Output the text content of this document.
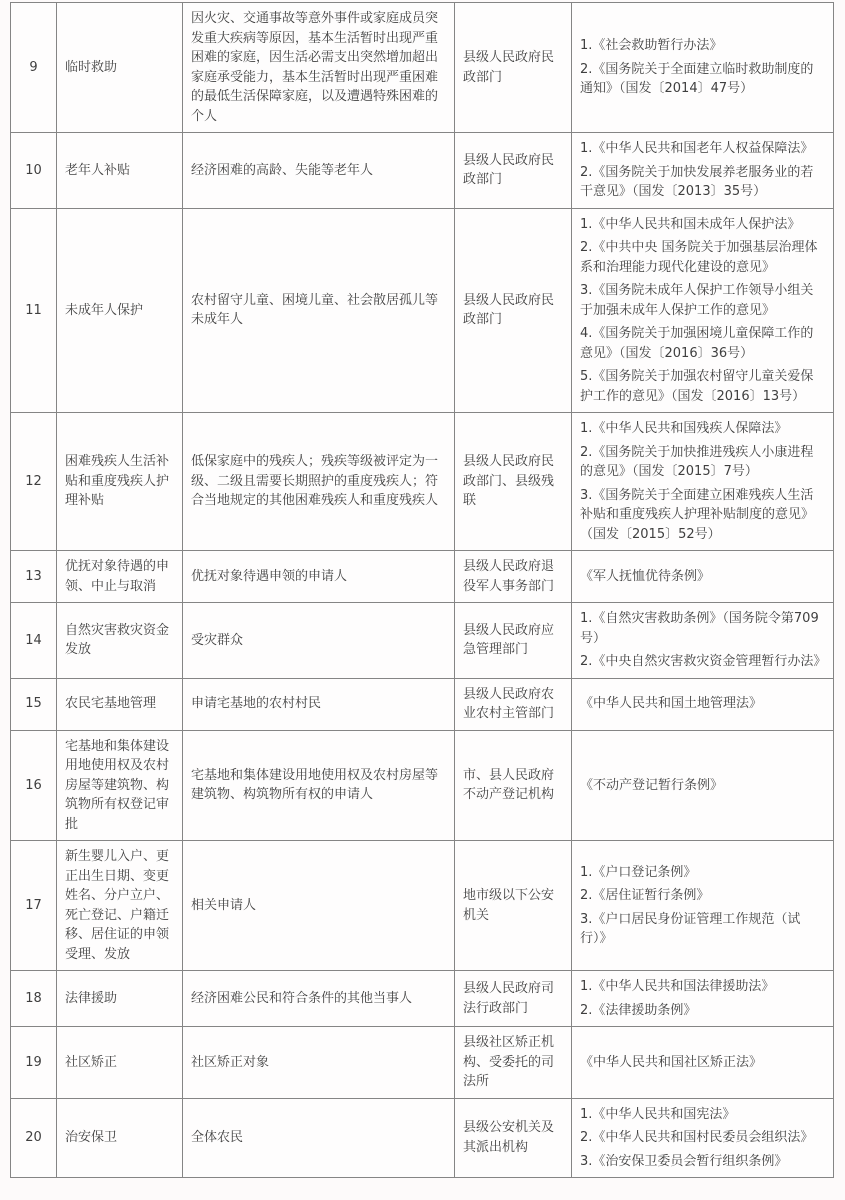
9	临时救助	因火灾、交通事故等意外事件或家庭成员突发重大疾病等原因，基本生活暂时出现严重困难的家庭，因生活必需支出突然增加超出家庭承受能力，基本生活暂时出现严重困难的最低生活保障家庭，以及遭遇特殊困难的个人	县级人民政府民政部门	1.《社会救助暂行办法》
2.《国务院关于全面建立临时救助制度的通知》（国发〔2014〕47号）

10	老年人补贴	经济困难的高龄、失能等老年人	县级人民政府民政部门	1.《中华人民共和国老年人权益保障法》
2.《国务院关于加快发展养老服务业的若干意见》（国发〔2013〕35号）

11	未成年人保护	农村留守儿童、困境儿童、社会散居孤儿等未成年人	县级人民政府民政部门	1.《中华人民共和国未成年人保护法》
2.《中共中央 国务院关于加强基层治理体系和治理能力现代化建设的意见》
3.《国务院未成年人保护工作领导小组关于加强未成年人保护工作的意见》
4.《国务院关于加强困境儿童保障工作的意见》（国发〔2016〕36号）
5.《国务院关于加强农村留守儿童关爱保护工作的意见》（国发〔2016〕13号）

12	困难残疾人生活补贴和重度残疾人护理补贴	低保家庭中的残疾人；残疾等级被评定为一级、二级且需要长期照护的重度残疾人；符合当地规定的其他困难残疾人和重度残疾人	县级人民政府民政部门、县级残联	1.《中华人民共和国残疾人保障法》
2.《国务院关于加快推进残疾人小康进程的意见》（国发〔2015〕7号）
3.《国务院关于全面建立困难残疾人生活补贴和重度残疾人护理补贴制度的意见》（国发〔2015〕52号）

13	优抚对象待遇的申领、中止与取消	优抚对象待遇申领的申请人	县级人民政府退役军人事务部门	《军人抚恤优待条例》

14	自然灾害救灾资金发放	受灾群众	县级人民政府应急管理部门	1.《自然灾害救助条例》（国务院令第709号）
2.《中央自然灾害救灾资金管理暂行办法》

15	农民宅基地管理	申请宅基地的农村村民	县级人民政府农业农村主管部门	《中华人民共和国土地管理法》

16	宅基地和集体建设用地使用权及农村房屋等建筑物、构筑物所有权登记审批	宅基地和集体建设用地使用权及农村房屋等建筑物、构筑物所有权的申请人	市、县人民政府不动产登记机构	《不动产登记暂行条例》

17	新生婴儿入户、更正出生日期、变更姓名、分户立户、死亡登记、户籍迁移、居住证的申领受理、发放	相关申请人	地市级以下公安机关	1.《户口登记条例》
2.《居住证暂行条例》
3.《户口居民身份证管理工作规范（试行）》

18	法律援助	经济困难公民和符合条件的其他当事人	县级人民政府司法行政部门	1.《中华人民共和国法律援助法》
2.《法律援助条例》

19	社区矫正	社区矫正对象	县级社区矫正机构、受委托的司法所	《中华人民共和国社区矫正法》

20	治安保卫	全体农民	县级公安机关及其派出机构	1.《中华人民共和国宪法》
2.《中华人民共和国村民委员会组织法》
3.《治安保卫委员会暂行组织条例》
